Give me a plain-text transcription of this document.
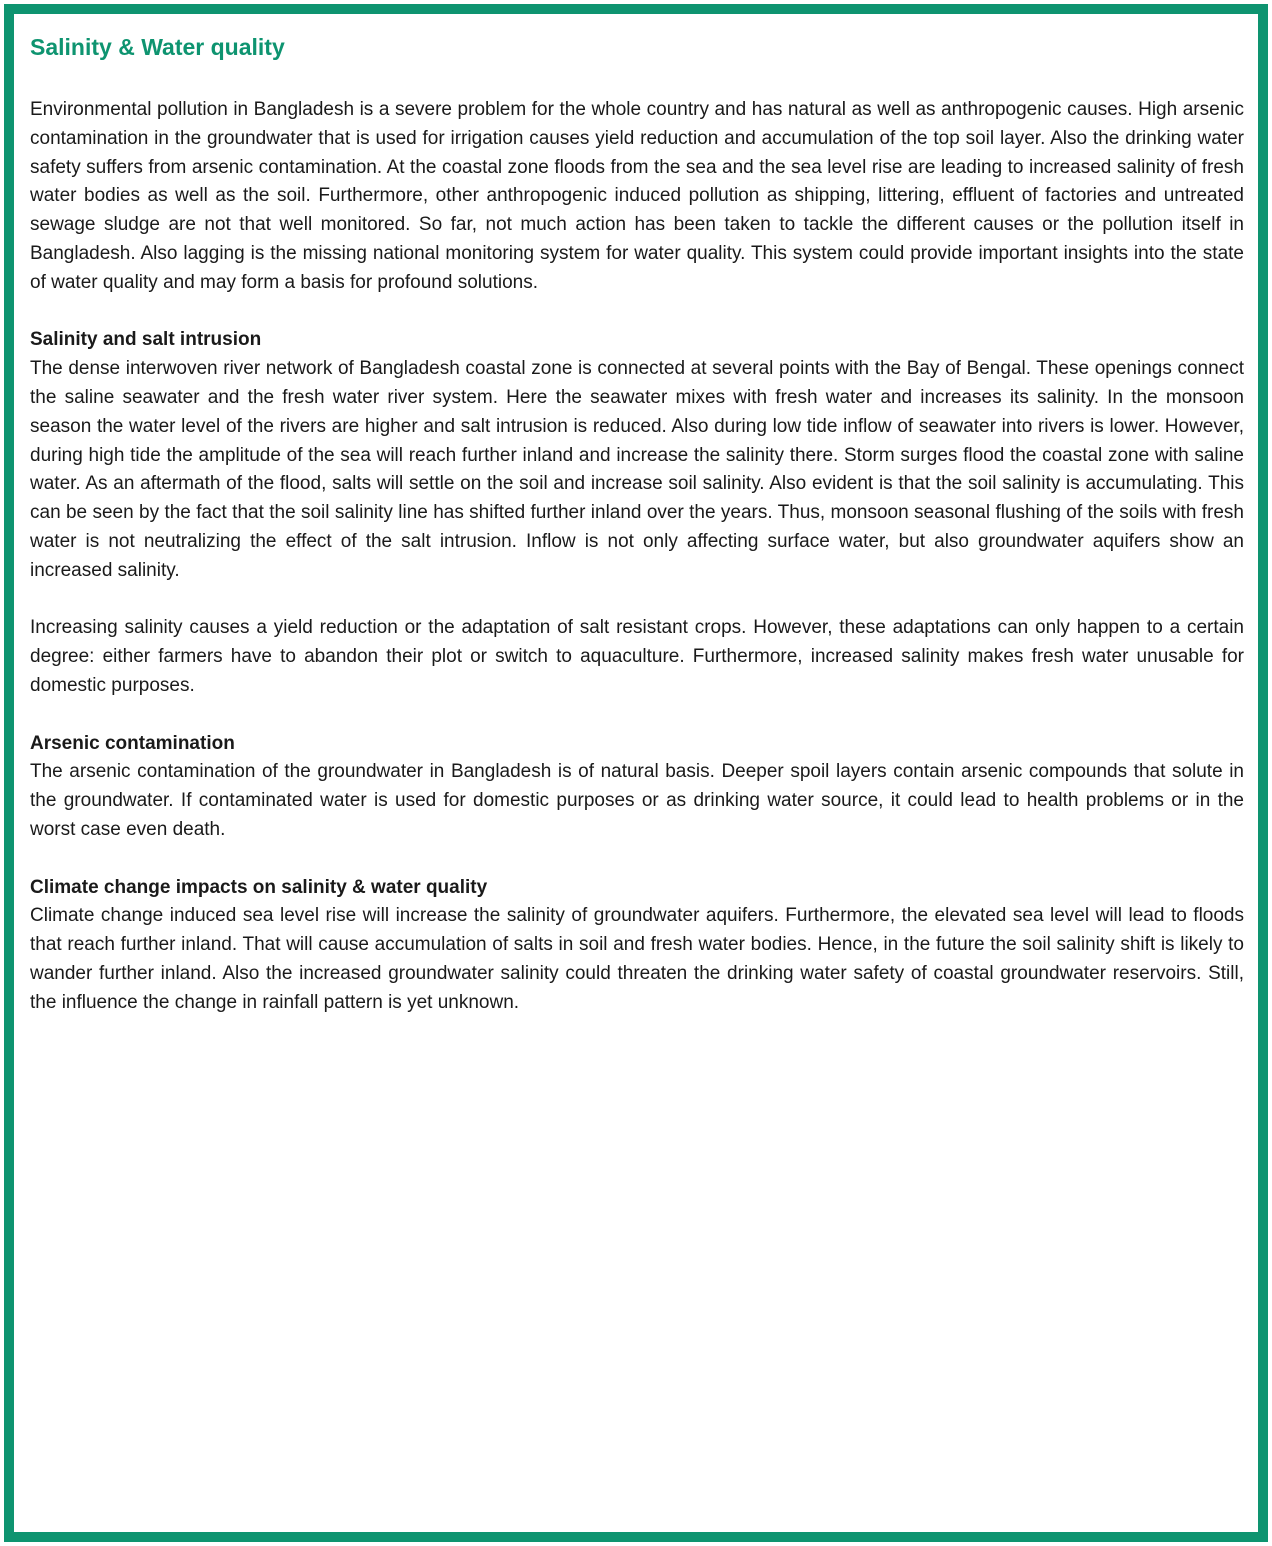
Salinity & Water quality

Environmental pollution in Bangladesh is a severe problem for the whole country and has natural as well as anthropogenic causes. High arsenic contamination in the groundwater that is used for irrigation causes yield reduction and accumulation of the top soil layer. Also the drinking water safety suffers from arsenic contamination. At the coastal zone floods from the sea and the sea level rise are leading to increased salinity of fresh water bodies as well as the soil. Furthermore, other anthropogenic induced pollution as shipping, littering, effluent of factories and untreated sewage sludge are not that well monitored. So far, not much action has been taken to tackle the different causes or the pollution itself in Bangladesh. Also lagging is the missing national monitoring system for water quality. This system could provide important insights into the state of water quality and may form a basis for profound solutions.

Salinity and salt intrusion

The dense interwoven river network of Bangladesh coastal zone is connected at several points with the Bay of Bengal. These openings connect the saline seawater and the fresh water river system. Here the seawater mixes with fresh water and increases its salinity. In the monsoon season the water level of the rivers are higher and salt intrusion is reduced. Also during low tide inflow of seawater into rivers is lower. However, during high tide the amplitude of the sea will reach further inland and increase the salinity there. Storm surges flood the coastal zone with saline water. As an aftermath of the flood, salts will settle on the soil and increase soil salinity. Also evident is that the soil salinity is accumulating. This can be seen by the fact that the soil salinity line has shifted further inland over the years. Thus, monsoon seasonal flushing of the soils with fresh water is not neutralizing the effect of the salt intrusion. Inflow is not only affecting surface water, but also groundwater aquifers show an increased salinity.

Increasing salinity causes a yield reduction or the adaptation of salt resistant crops. However, these adaptations can only happen to a certain degree: either farmers have to abandon their plot or switch to aquaculture. Furthermore, increased salinity makes fresh water unusable for domestic purposes.

Arsenic contamination

The arsenic contamination of the groundwater in Bangladesh is of natural basis. Deeper spoil layers contain arsenic compounds that solute in the groundwater. If contaminated water is used for domestic purposes or as drinking water source, it could lead to health problems or in the worst case even death.

Climate change impacts on salinity & water quality

Climate change induced sea level rise will increase the salinity of groundwater aquifers. Furthermore, the elevated sea level will lead to floods that reach further inland. That will cause accumulation of salts in soil and fresh water bodies. Hence, in the future the soil salinity shift is likely to wander further inland. Also the increased groundwater salinity could threaten the drinking water safety of coastal groundwater reservoirs. Still, the influence the change in rainfall pattern is yet unknown.
